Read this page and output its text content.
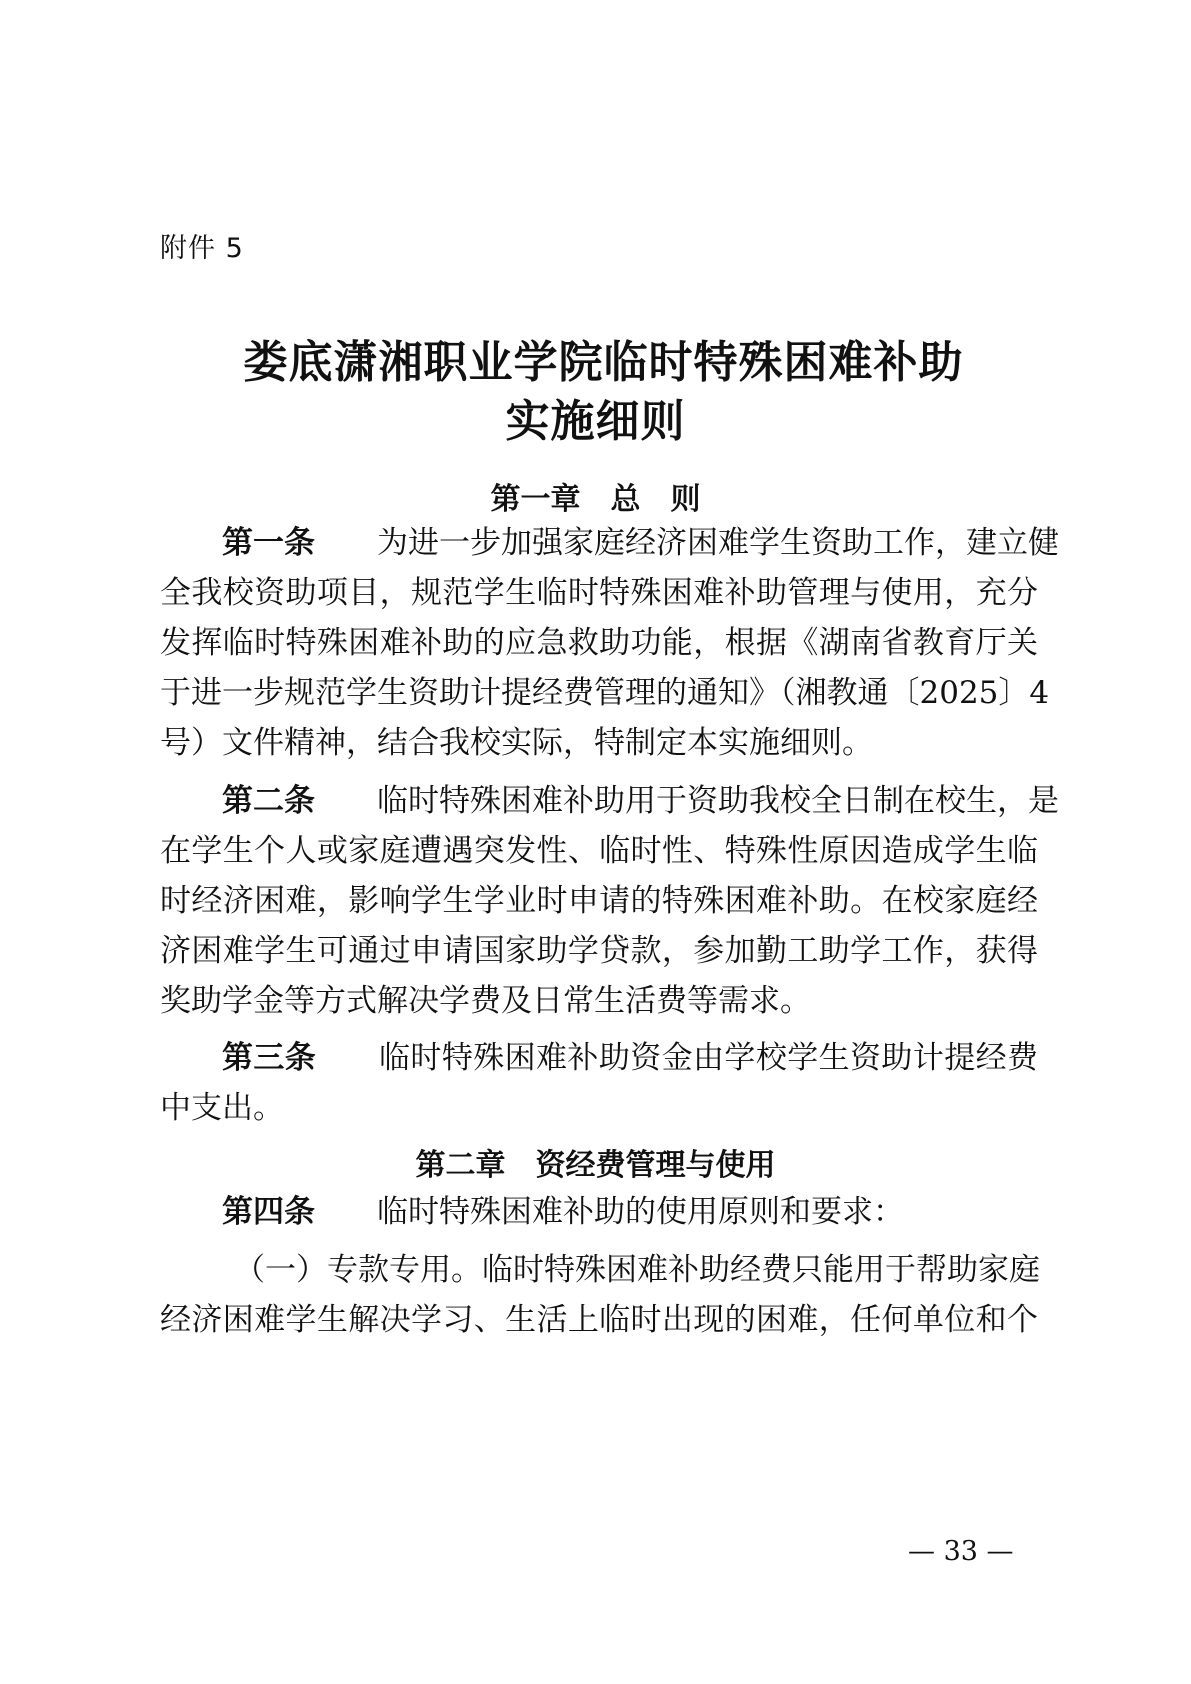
附件 5
娄底潇湘职业学院临时特殊困难补助
实施细则
第一章　总　则
第一条　　 为进一步加强家庭经济困难学生资助工作，建立健
全我校资助项目，规范学生临时特殊困难补助管理与使用，充分
发挥临时特殊困难补助的应急救助功能，根据《湖南省教育厅关
于进一步规范学生资助计提经费管理的通知》（湘教通〔2025〕4
号）文件精神，结合我校实际，特制定本实施细则。
第二条　　 临时特殊困难补助用于资助我校全日制在校生，是
在学生个人或家庭遭遇突发性、临时性、特殊性原因造成学生临
时经济困难，影响学生学业时申请的特殊困难补助。在校家庭经
济困难学生可通过申请国家助学贷款，参加勤工助学工作，获得
奖助学金等方式解决学费及日常生活费等需求。
第三条　　 临时特殊困难补助资金由学校学生资助计提经费
中支出。
第二章　资经费管理与使用
第四条　　 临时特殊困难补助的使用原则和要求：
（一）专款专用。临时特殊困难补助经费只能用于帮助家庭
经济困难学生解决学习、生活上临时出现的困难，任何单位和个
— 33 —
